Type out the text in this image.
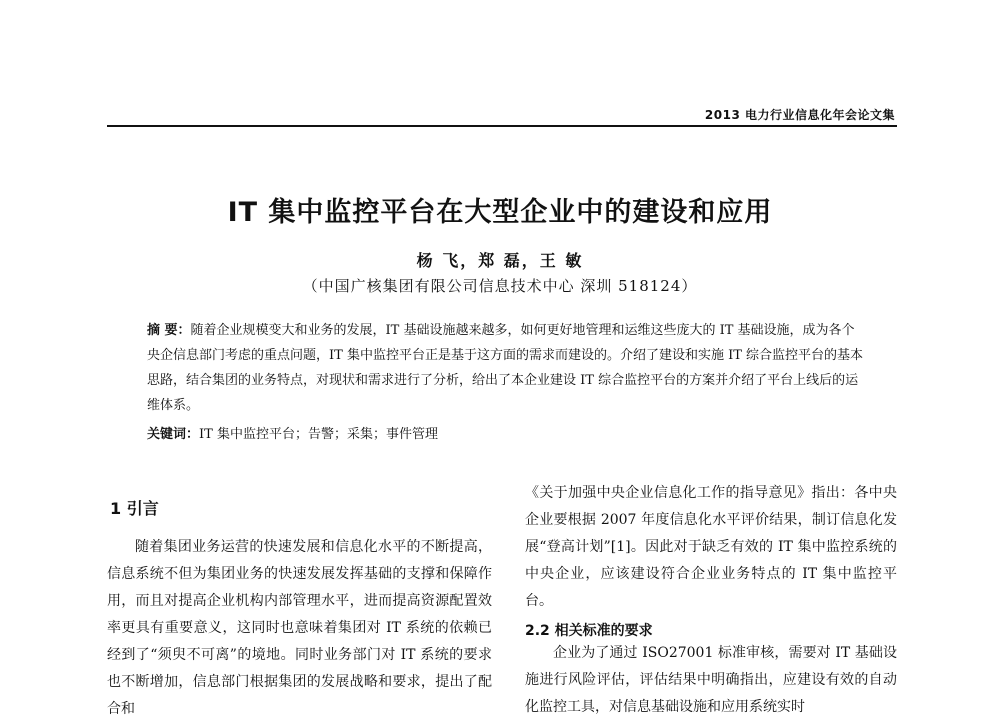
2013 电力行业信息化年会论文集
IT 集中监控平台在大型企业中的建设和应用
杨 飞，郑 磊，王 敏
（中国广核集团有限公司信息技术中心 深圳 518124）
摘 要：随着企业规模变大和业务的发展，IT 基础设施越来越多，如何更好地管理和运维这些庞大的 IT 基础设施，成为各个央企信息部门考虑的重点问题，IT 集中监控平台正是基于这方面的需求而建设的。介绍了建设和实施 IT 综合监控平台的基本思路，结合集团的业务特点，对现状和需求进行了分析，给出了本企业建设 IT 综合监控平台的方案并介绍了平台上线后的运维体系。
关键词：IT 集中监控平台；告警；采集；事件管理
1 引言
随着集团业务运营的快速发展和信息化水平的不断提高，信息系统不但为集团业务的快速发展发挥基础的支撑和保障作用，而且对提高企业机构内部管理水平，进而提高资源配置效率更具有重要意义，这同时也意味着集团对 IT 系统的依赖已经到了“须臾不可离”的境地。同时业务部门对 IT 系统的要求也不断增加，信息部门根据集团的发展战略和要求，提出了配合和
《关于加强中央企业信息化工作的指导意见》指出：各中央企业要根据 2007 年度信息化水平评价结果，制订信息化发展“登高计划”[1]。因此对于缺乏有效的 IT 集中监控系统的中央企业，应该建设符合企业业务特点的 IT 集中监控平台。
2.2 相关标准的要求
企业为了通过 ISO27001 标准审核，需要对 IT 基础设施进行风险评估，评估结果中明确指出，应建设有效的自动化监控工具，对信息基础设施和应用系统实时
